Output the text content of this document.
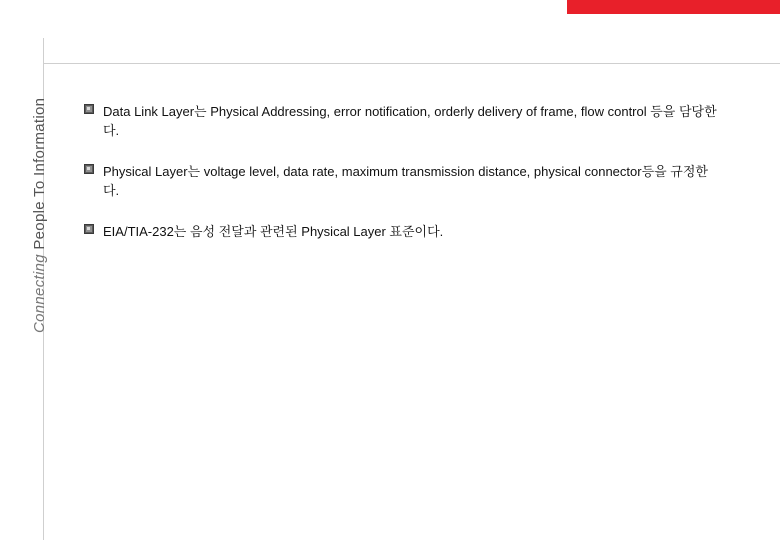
Connecting People To Information	Data Link Layer는 Physical Addressing, error notification, orderly delivery of frame, flow control 등을 담당한다.
Physical Layer는 voltage level, data rate, maximum transmission distance, physical connector등을 규정한다.
EIA/TIA-232는 음성 전달과 관련된 Physical Layer 표준이다.
